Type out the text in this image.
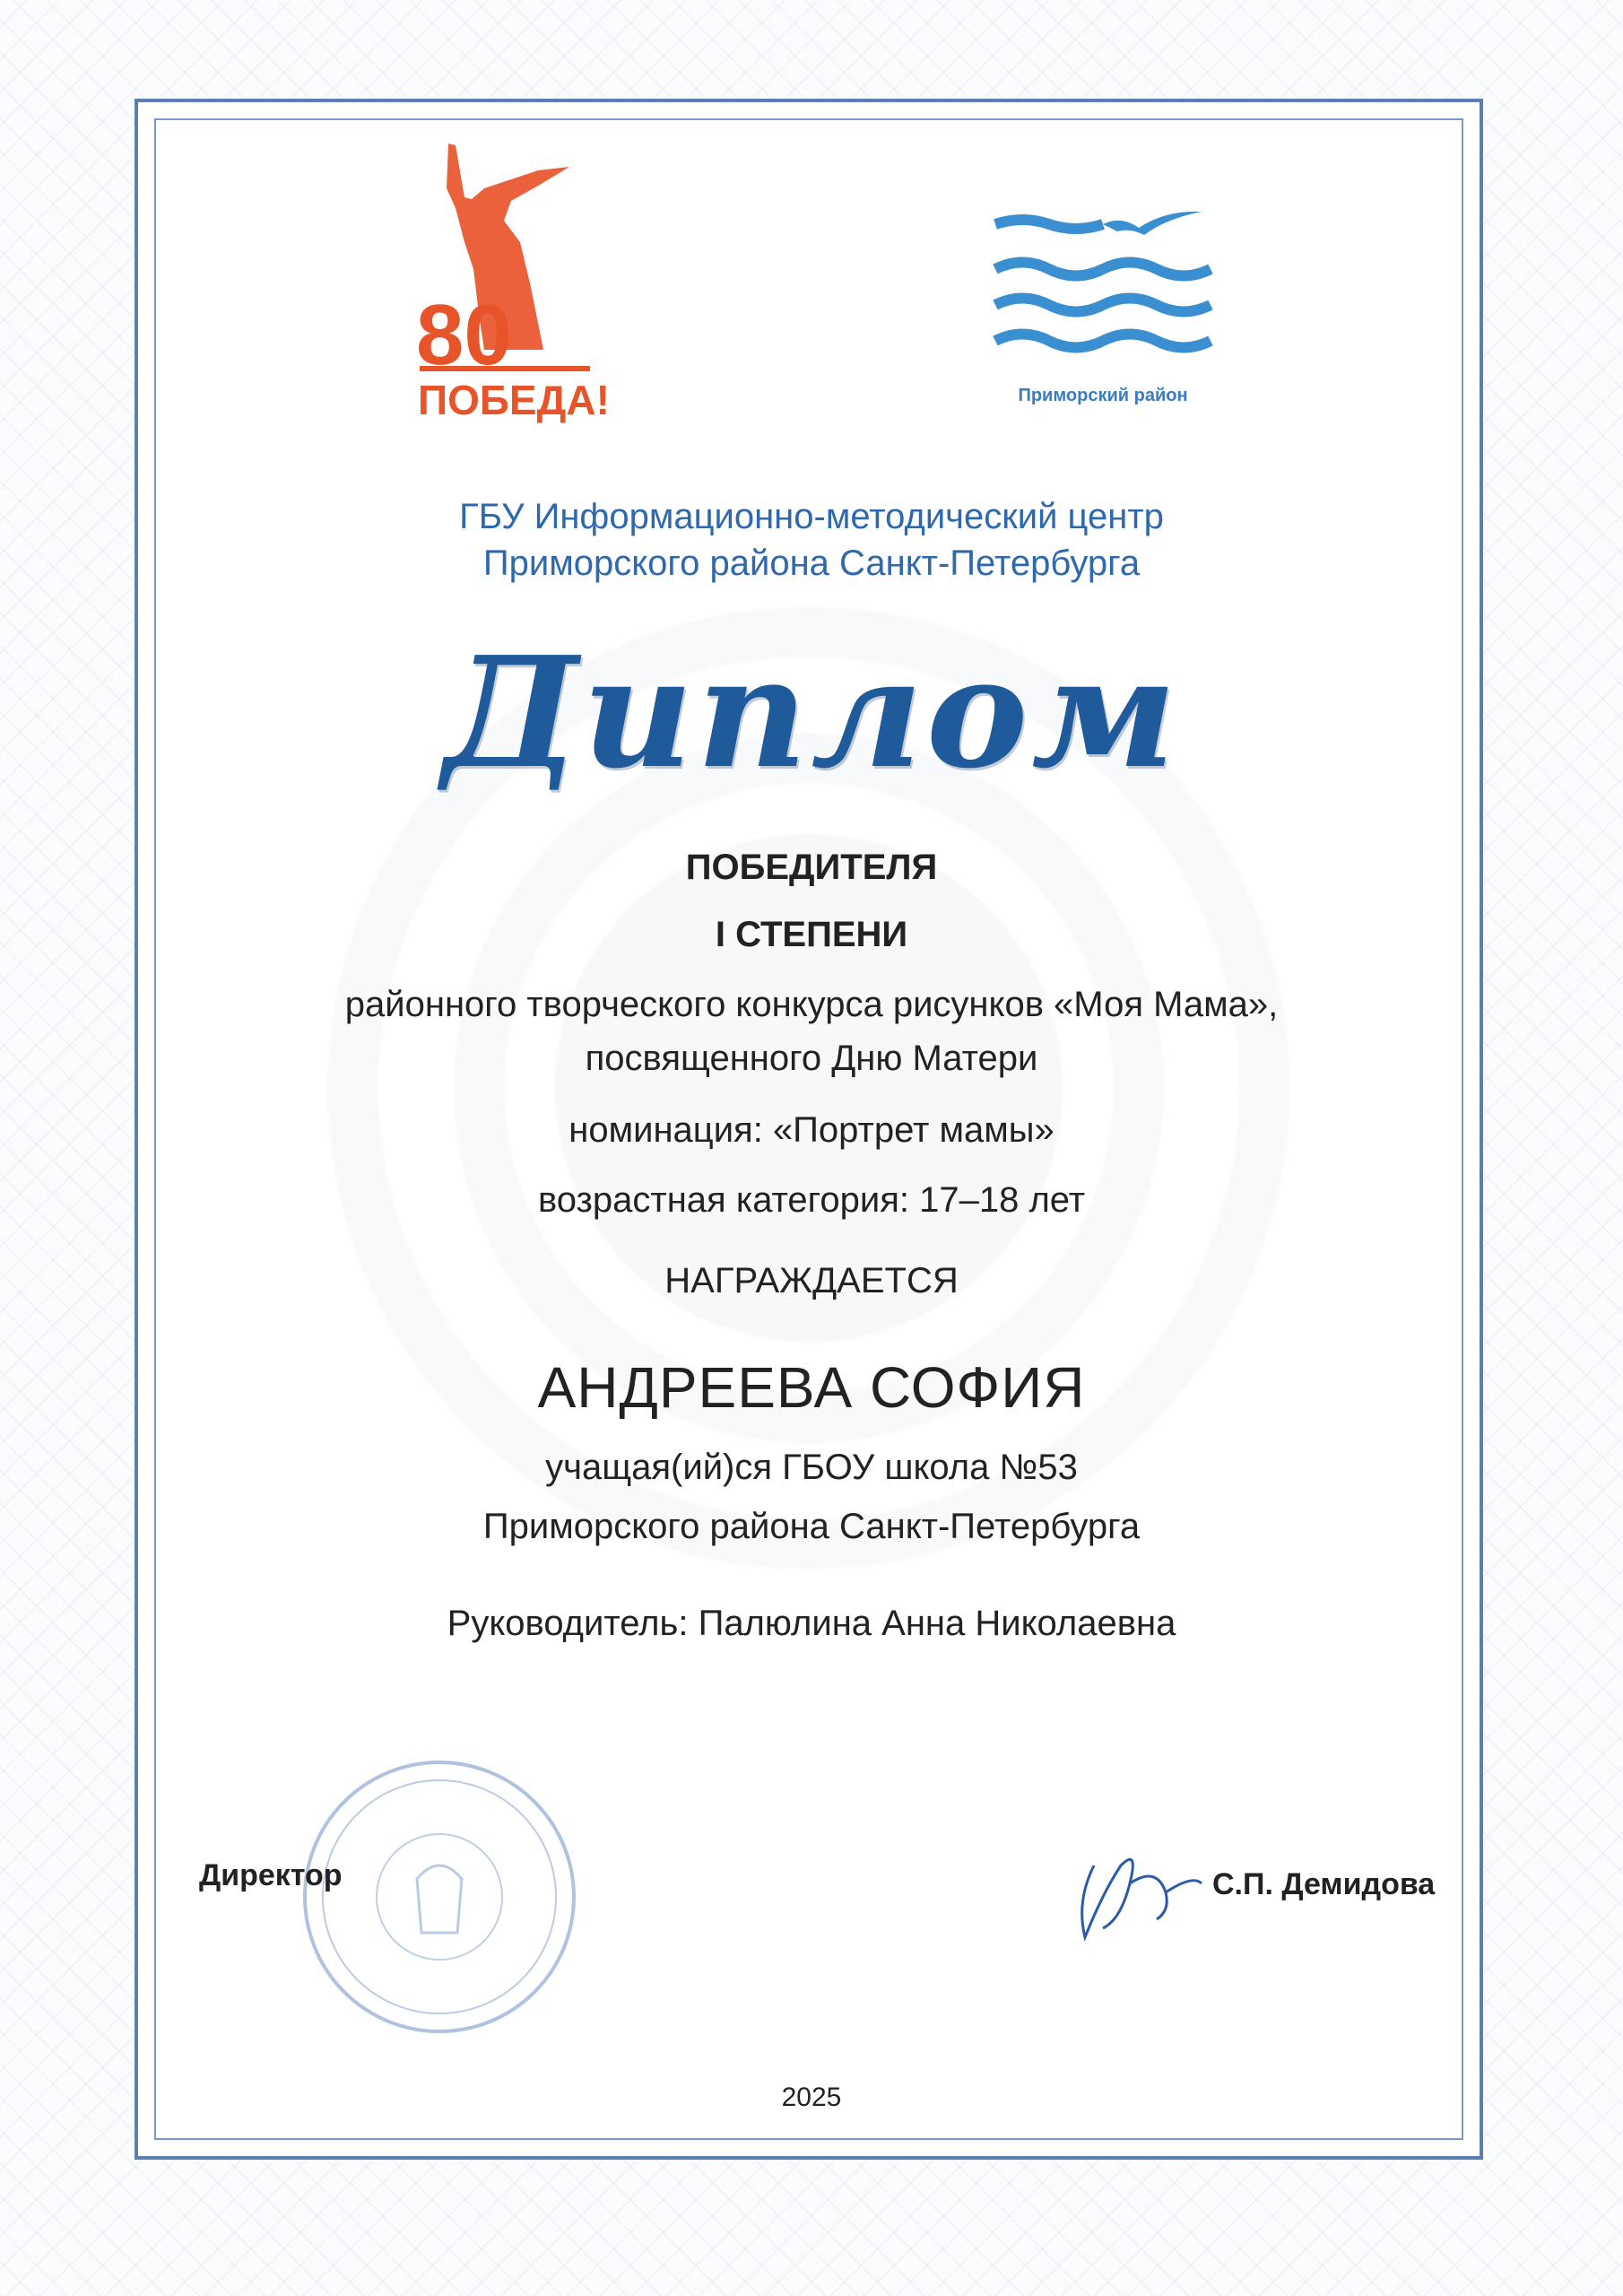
80
ПОБЕДА!	Приморский район
ГБУ Информационно-методический центр
Приморского района Санкт-Петербурга
Диплом
ПОБЕДИТЕЛЯ
I СТЕПЕНИ
районного творческого конкурса рисунков «Моя Мама»,
посвященного Дню Матери
номинация: «Портрет мамы»
возрастная категория: 17–18 лет
НАГРАЖДАЕТСЯ
АНДРЕЕВА СОФИЯ
учащая(ий)ся ГБОУ школа №53
Приморского района Санкт-Петербурга
Руководитель: Палюлина Анна Николаевна
Директор	С.П. Демидова
2025
